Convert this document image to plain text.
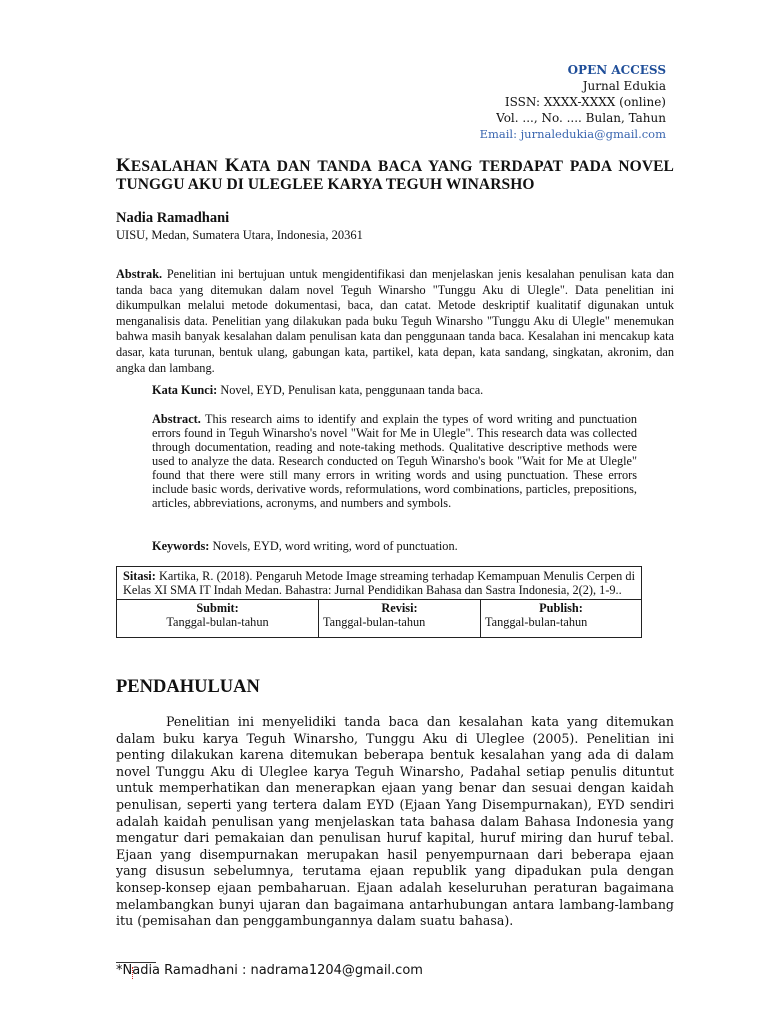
OPEN ACCESS
Jurnal Edukia
ISSN: XXXX-XXXX (online)
Vol. ..., No. .... Bulan, Tahun
Email: jurnaledukia@gmail.com
KESALAHAN KATA DAN TANDA BACA YANG TERDAPAT PADA NOVEL TUNGGU AKU DI ULEGLEE KARYA TEGUH WINARSHO
Nadia Ramadhani
UISU, Medan, Sumatera Utara, Indonesia, 20361
Abstrak. Penelitian ini bertujuan untuk mengidentifikasi dan menjelaskan jenis kesalahan penulisan kata dan tanda baca yang ditemukan dalam novel Teguh Winarsho "Tunggu Aku di Ulegle". Data penelitian ini dikumpulkan melalui metode dokumentasi, baca, dan catat. Metode deskriptif kualitatif digunakan untuk menganalisis data. Penelitian yang dilakukan pada buku Teguh Winarsho "Tunggu Aku di Ulegle" menemukan bahwa masih banyak kesalahan dalam penulisan kata dan penggunaan tanda baca. Kesalahan ini mencakup kata dasar, kata turunan, bentuk ulang, gabungan kata, partikel, kata depan, kata sandang, singkatan, akronim, dan angka dan lambang.
Kata Kunci: Novel, EYD, Penulisan kata, penggunaan tanda baca.
Abstract. This research aims to identify and explain the types of word writing and punctuation errors found in Teguh Winarsho's novel "Wait for Me in Ulegle". This research data was collected through documentation, reading and note-taking methods. Qualitative descriptive methods were used to analyze the data. Research conducted on Teguh Winarsho's book "Wait for Me at Ulegle" found that there were still many errors in writing words and using punctuation. These errors include basic words, derivative words, reformulations, word combinations, particles, prepositions, articles, abbreviations, acronyms, and numbers and symbols.
Keywords: Novels, EYD, word writing, word of punctuation.
Sitasi: Kartika, R. (2018). Pengaruh Metode Image streaming terhadap Kemampuan Menulis Cerpen di Kelas XI SMA IT Indah Medan. Bahastra: Jurnal Pendidikan Bahasa dan Sastra Indonesia, 2(2), 1-9..
Submit:
Tanggal-bulan-tahun
Revisi:
Tanggal-bulan-tahun
Publish:
Tanggal-bulan-tahun
PENDAHULUAN
Penelitian ini menyelidiki tanda baca dan kesalahan kata yang ditemukan dalam buku karya Teguh Winarsho, Tunggu Aku di Uleglee (2005). Penelitian ini penting dilakukan karena ditemukan beberapa bentuk kesalahan yang ada di dalam novel Tunggu Aku di Uleglee karya Teguh Winarsho, Padahal setiap penulis dituntut untuk memperhatikan dan menerapkan ejaan yang benar dan sesuai dengan kaidah penulisan, seperti yang tertera dalam EYD (Ejaan Yang Disempurnakan), EYD sendiri adalah kaidah penulisan yang menjelaskan tata bahasa dalam Bahasa Indonesia yang mengatur dari pemakaian dan penulisan huruf kapital, huruf miring dan huruf tebal. Ejaan yang disempurnakan merupakan hasil penyempurnaan dari beberapa ejaan yang disusun sebelumnya, terutama ejaan republik yang dipadukan pula dengan konsep-konsep ejaan pembaharuan. Ejaan adalah keseluruhan peraturan bagaimana melambangkan bunyi ujaran dan bagaimana antarhubungan antara lambang-lambang itu (pemisahan dan penggambungannya dalam suatu bahasa).
*Nadia Ramadhani : nadrama1204@gmail.com
